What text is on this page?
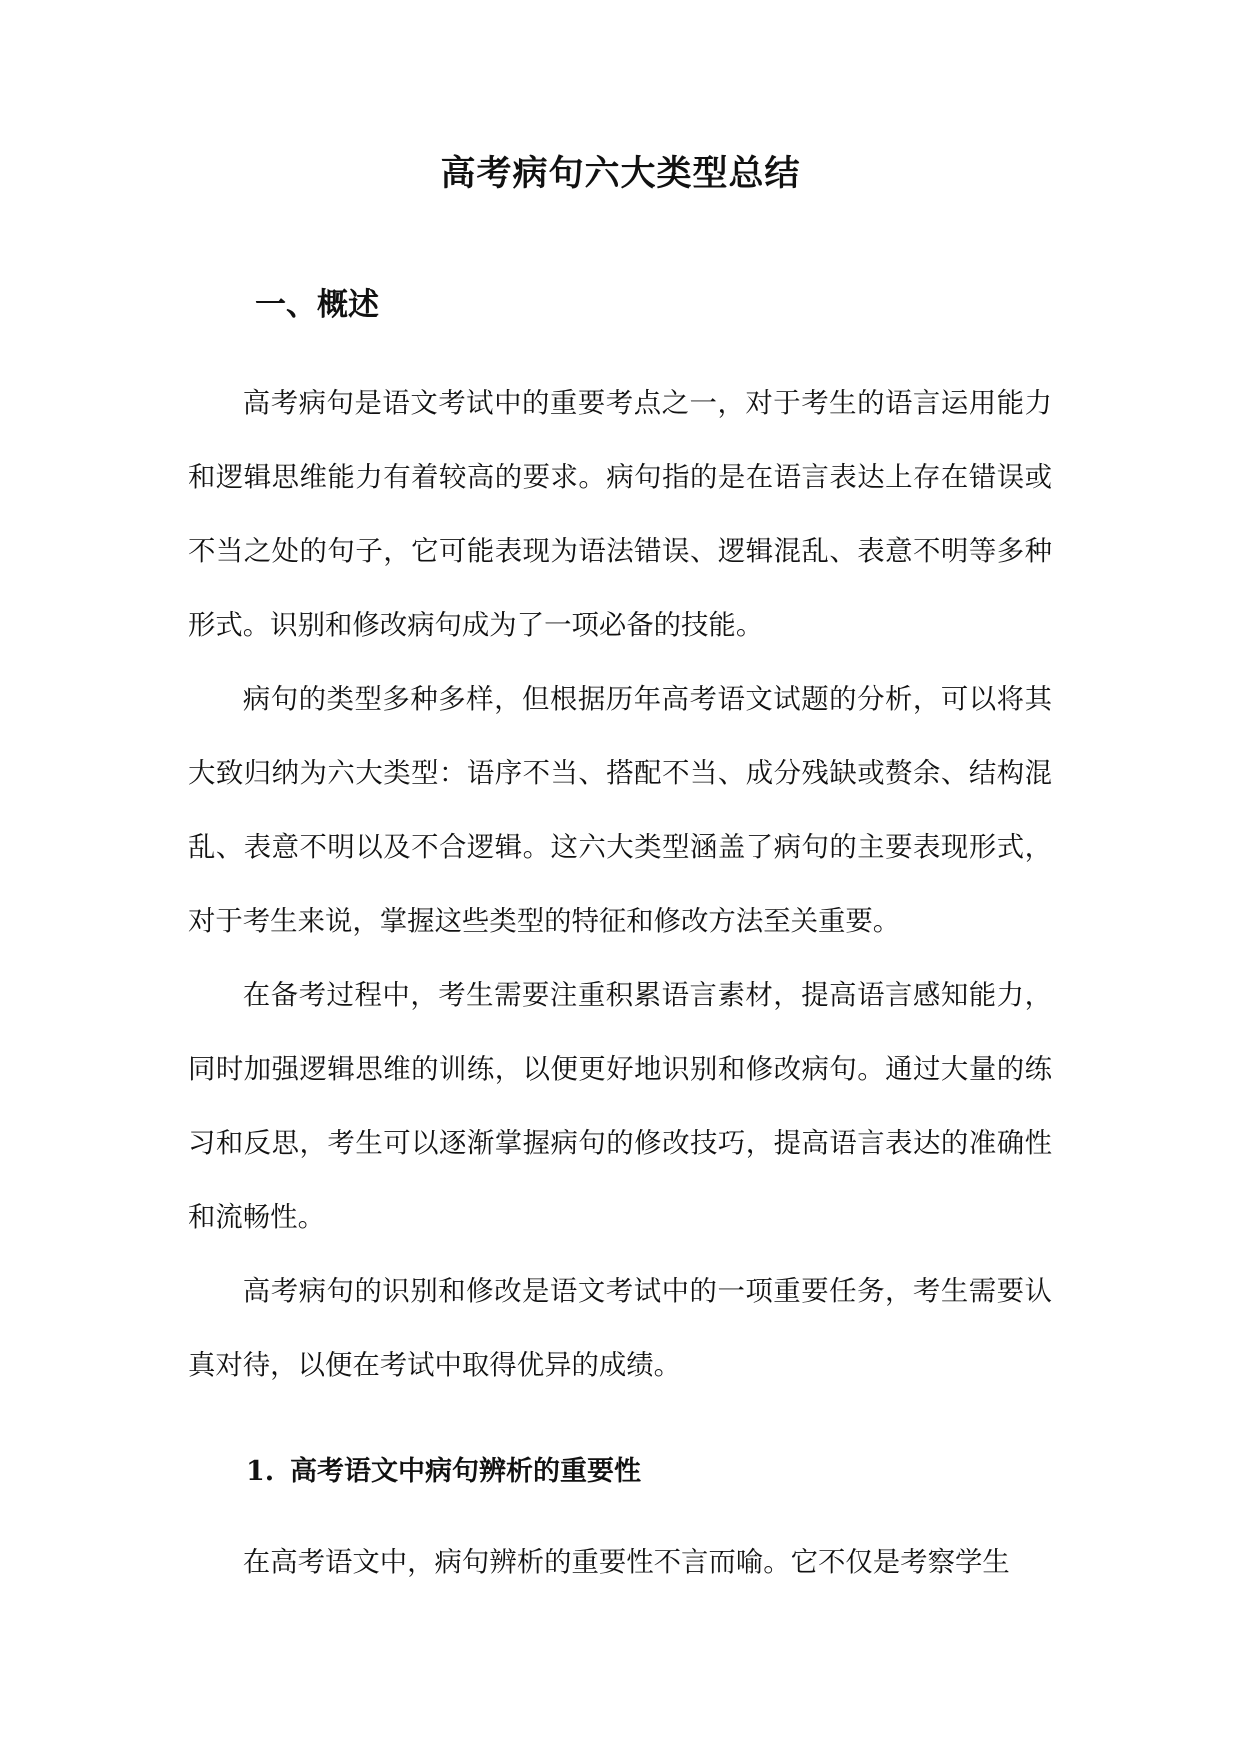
高考病句六大类型总结
一、概述

高考病句是语文考试中的重要考点之一，对于考生的语言运用能力和逻辑思维能力有着较高的要求。病句指的是在语言表达上存在错误或不当之处的句子，它可能表现为语法错误、逻辑混乱、表意不明等多种形式。识别和修改病句成为了一项必备的技能。

病句的类型多种多样，但根据历年高考语文试题的分析，可以将其大致归纳为六大类型：语序不当、搭配不当、成分残缺或赘余、结构混乱、表意不明以及不合逻辑。这六大类型涵盖了病句的主要表现形式，对于考生来说，掌握这些类型的特征和修改方法至关重要。

在备考过程中，考生需要注重积累语言素材，提高语言感知能力，同时加强逻辑思维的训练，以便更好地识别和修改病句。通过大量的练习和反思，考生可以逐渐掌握病句的修改技巧，提高语言表达的准确性和流畅性。

高考病句的识别和修改是语文考试中的一项重要任务，考生需要认真对待，以便在考试中取得优异的成绩。

1. 高考语文中病句辨析的重要性

在高考语文中，病句辨析的重要性不言而喻。它不仅是考察学生
